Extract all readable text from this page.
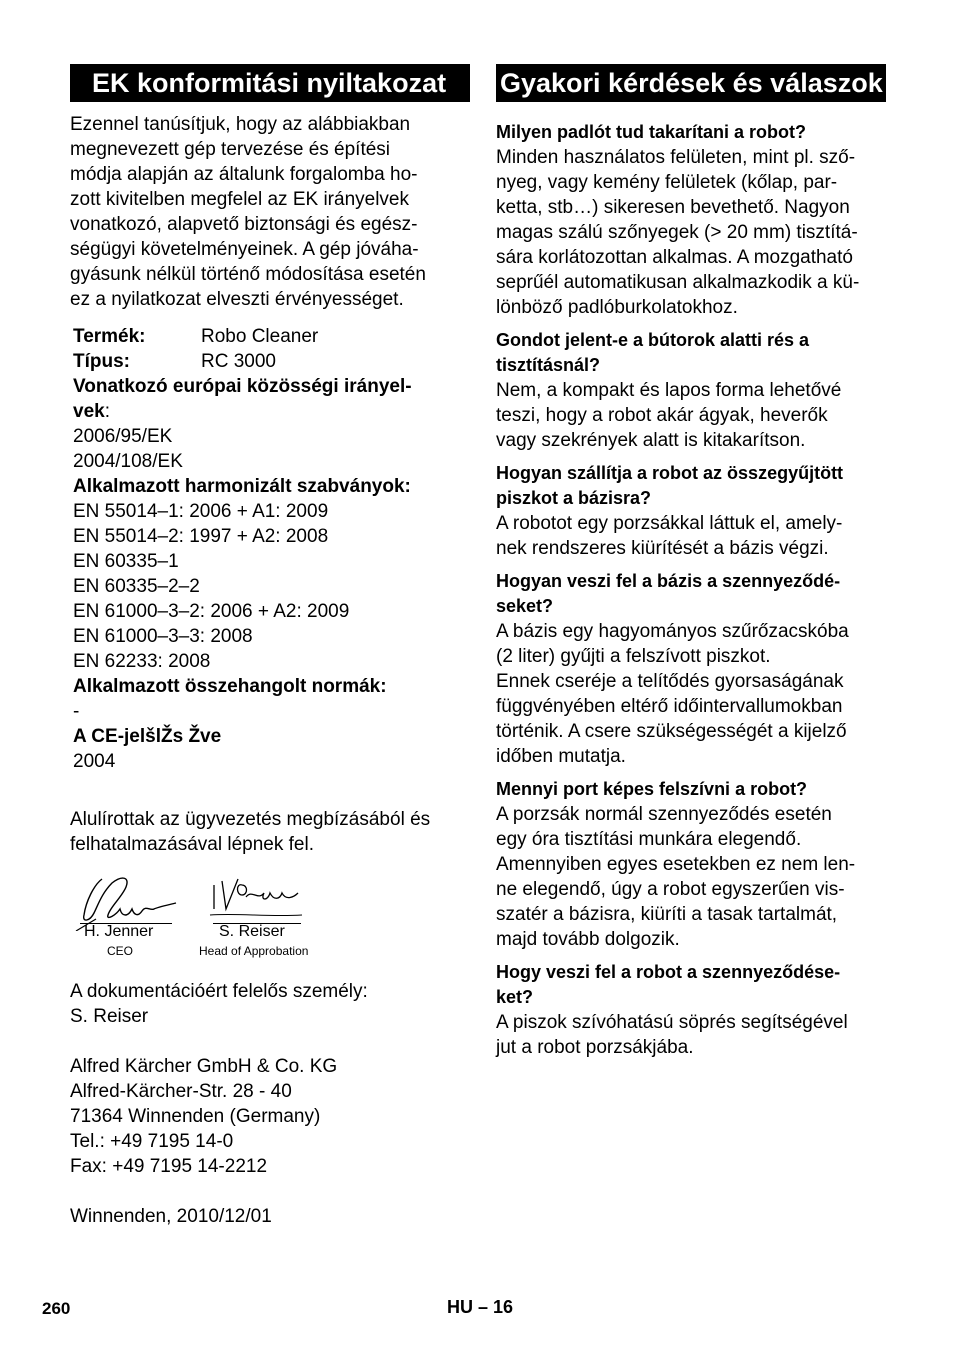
EK konformitási nyiltakozat

Ezennel tanúsítjuk, hogy az alábbiakban
megnevezett gép tervezése és építési
módja alapján az általunk forgalomba ho-
zott kivitelben megfelel az EK irányelvek
vonatkozó, alapvető biztonsági és egész-
ségügyi követelményeinek. A gép jóváha-
gyásunk nélkül történő módosítása esetén
ez a nyilatkozat elveszti érvényességet.

Termék:	Robo Cleaner
Típus:	RC 3000
Vonatkozó európai közösségi irányel-
vek:
2006/95/EK
2004/108/EK
Alkalmazott harmonizált szabványok:
EN 55014–1: 2006 + A1: 2009
EN 55014–2: 1997 + A2: 2008
EN 60335–1
EN 60335–2–2
EN 61000–3–2: 2006 + A2: 2009
EN 61000–3–3: 2008
EN 62233: 2008
Alkalmazott összehangolt normák:
-
A CE-jelšlŽs Žve
2004

Alulírottak az ügyvezetés megbízásából és
felhatalmazásával lépnek fel.

H. Jenner	S. Reiser
CEO	Head of Approbation

A dokumentációért felelős személy:
S. Reiser

Alfred Kärcher GmbH & Co. KG
Alfred-Kärcher-Str. 28 - 40
71364 Winnenden (Germany)
Tel.: +49 7195 14-0
Fax: +49 7195 14-2212

Winnenden, 2010/12/01

Gyakori kérdések és válaszok

Milyen padlót tud takarítani a robot?

Minden használatos felületen, mint pl. sző-
nyeg, vagy kemény felületek (kőlap, par-
ketta, stb…) sikeresen bevethető. Nagyon
magas szálú szőnyegek (> 20 mm) tisztítá-
sára korlátozottan alkalmas. A mozgatható
seprűél automatikusan alkalmazkodik a kü-
lönböző padlóburkolatokhoz.

Gondot jelent-e a bútorok alatti rés a
tisztításnál?

Nem, a kompakt és lapos forma lehetővé
teszi, hogy a robot akár ágyak, heverők
vagy szekrények alatt is kitakarítson.

Hogyan szállítja a robot az összegyűjtött
piszkot a bázisra?

A robotot egy porzsákkal láttuk el, amely-
nek rendszeres kiürítését a bázis végzi.

Hogyan veszi fel a bázis a szennyeződé-
seket?

A bázis egy hagyományos szűrőzacskóba
(2 liter) gyűjti a felszívott piszkot.
Ennek cseréje a telítődés gyorsaságának
függvényében eltérő időintervallumokban
történik. A csere szükségességét a kijelző
időben mutatja.

Mennyi port képes felszívni a robot?

A porzsák normál szennyeződés esetén
egy óra tisztítási munkára elegendő.
Amennyiben egyes esetekben ez nem len-
ne elegendő, úgy a robot egyszerűen vis-
szatér a bázisra, kiüríti a tasak tartalmát,
majd tovább dolgozik.

Hogy veszi fel a robot a szennyeződése-
ket?

A piszok szívóhatású söprés segítségével
jut a robot porzsákjába.

260	HU – 16
